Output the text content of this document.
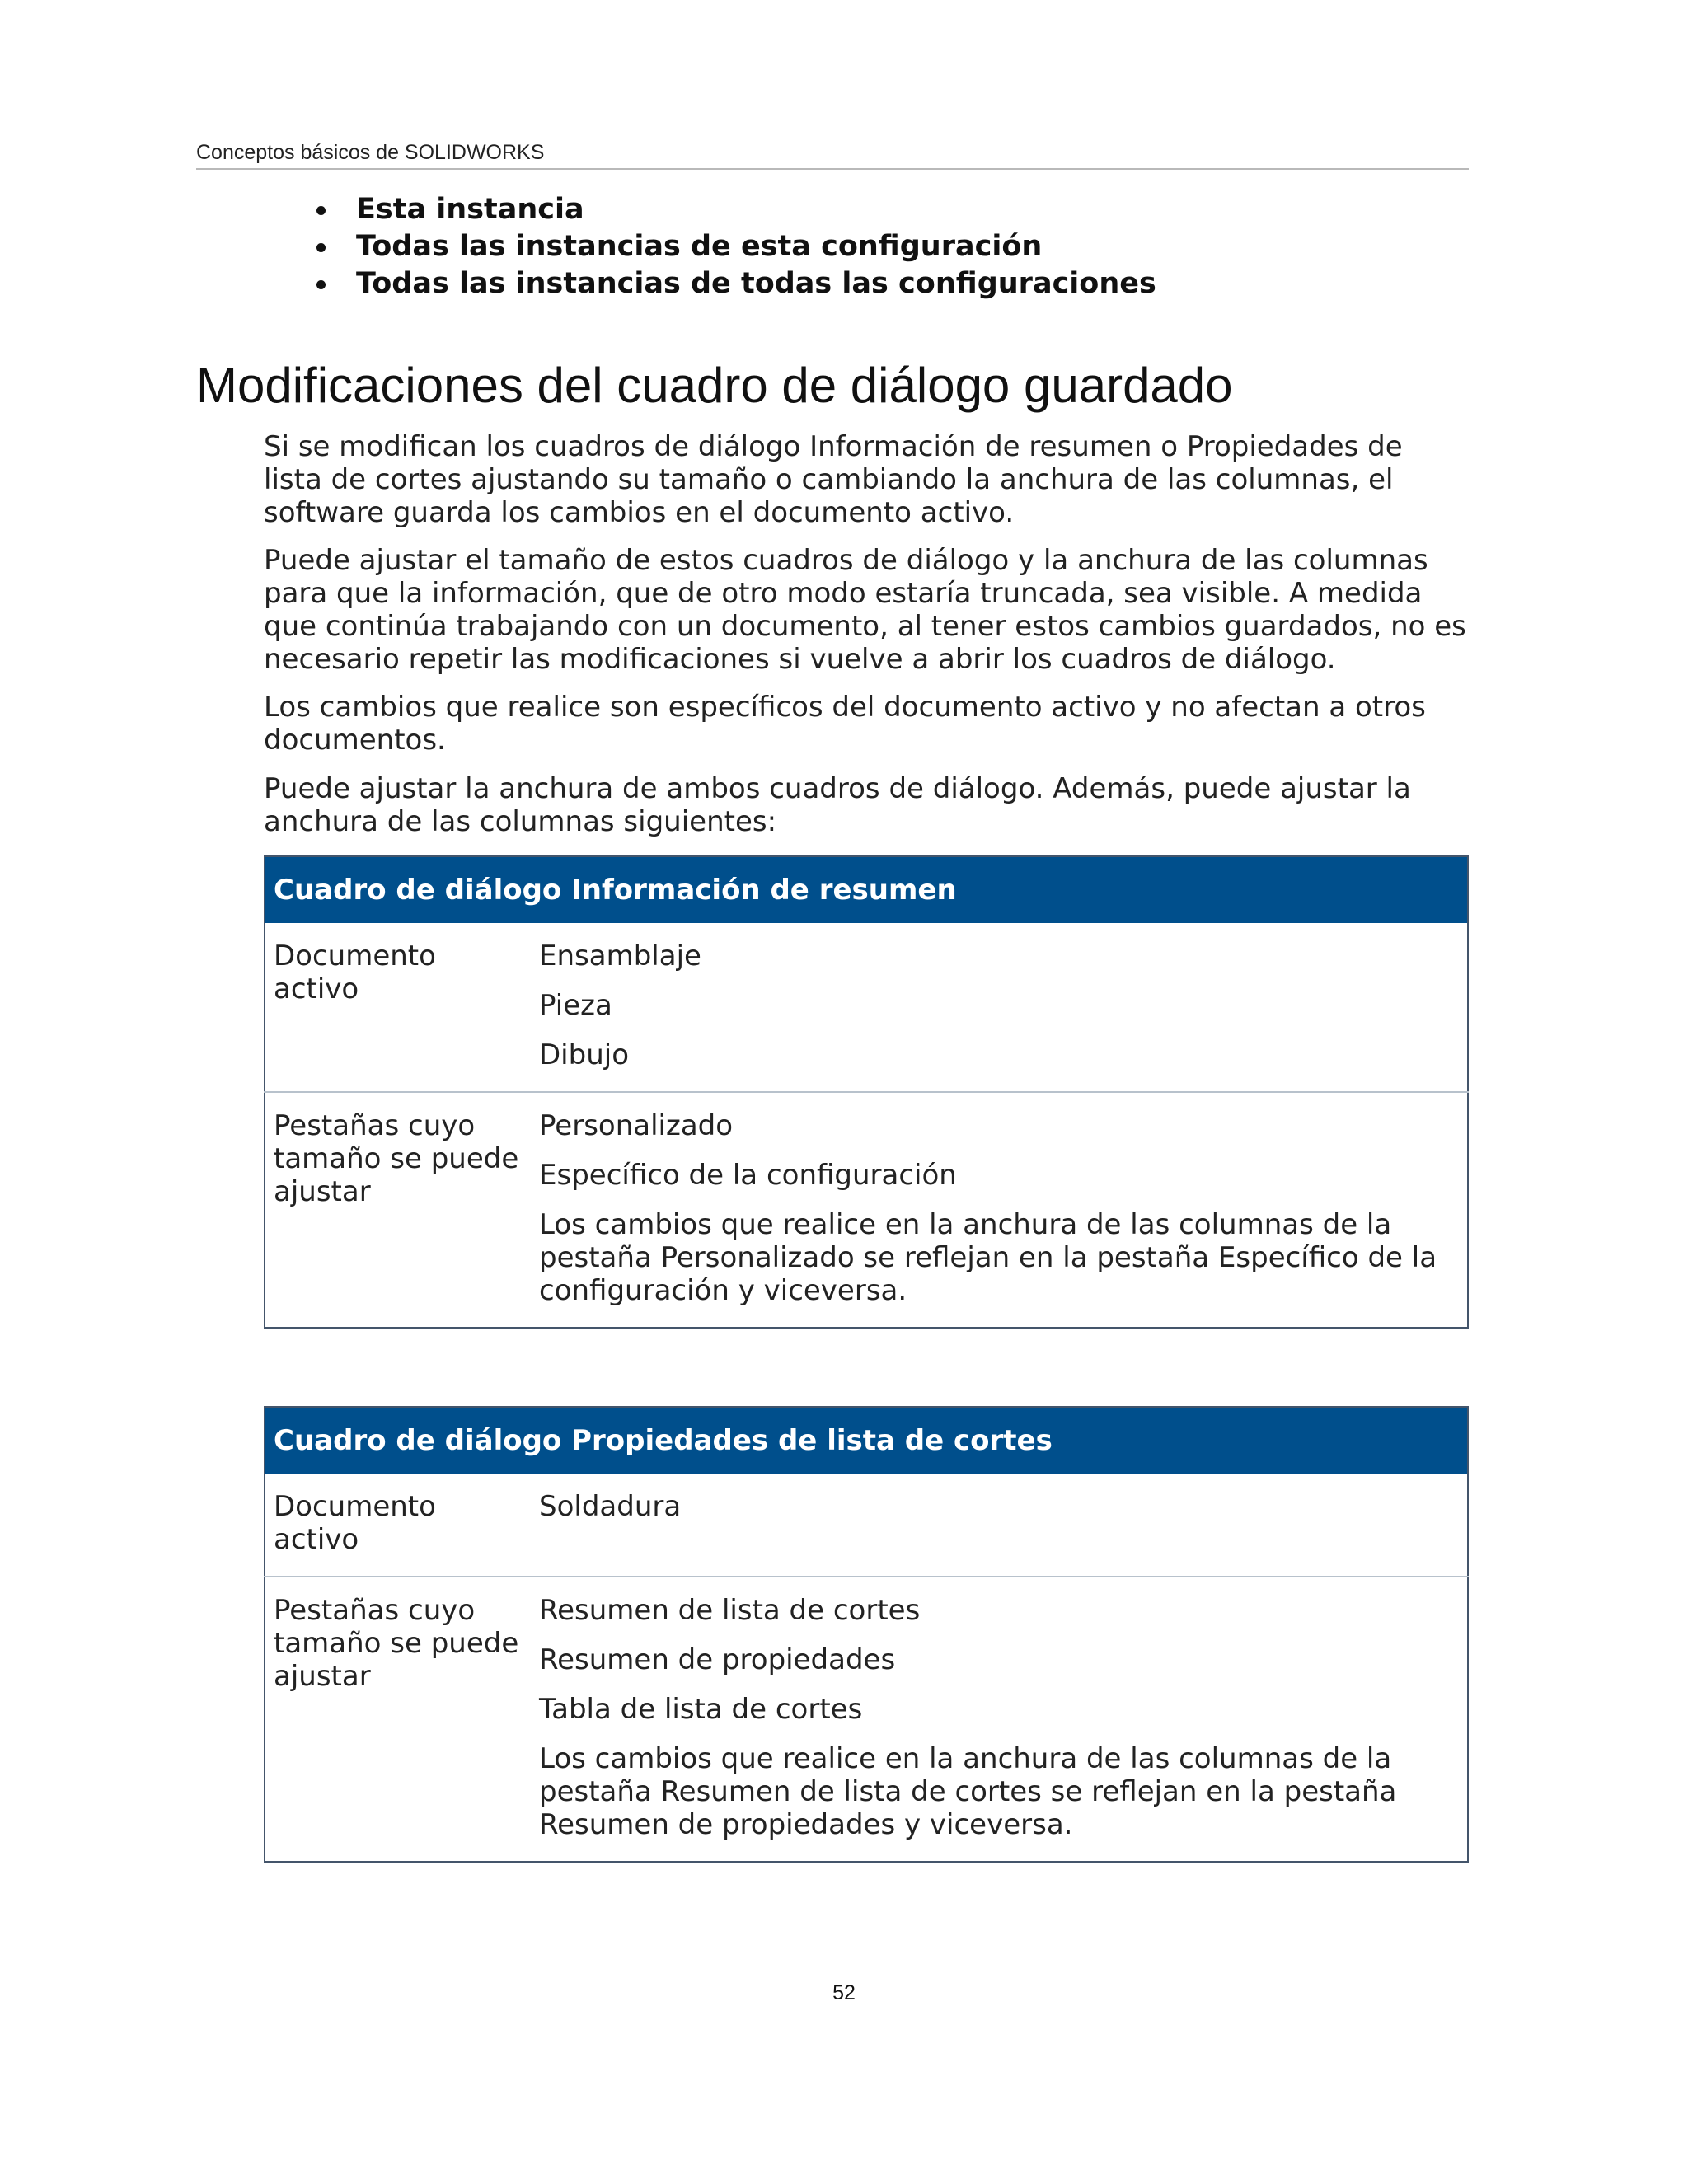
Conceptos básicos de SOLIDWORKS
Esta instancia
Todas las instancias de esta configuración
Todas las instancias de todas las configuraciones
Modificaciones del cuadro de diálogo guardado

Si se modifican los cuadros de diálogo Información de resumen o Propiedades de lista de cortes ajustando su tamaño o cambiando la anchura de las columnas, el software guarda los cambios en el documento activo.

Puede ajustar el tamaño de estos cuadros de diálogo y la anchura de las columnas para que la información, que de otro modo estaría truncada, sea visible. A medida que continúa trabajando con un documento, al tener estos cambios guardados, no es necesario repetir las modificaciones si vuelve a abrir los cuadros de diálogo.

Los cambios que realice son específicos del documento activo y no afectan a otros documentos.

Puede ajustar la anchura de ambos cuadros de diálogo. Además, puede ajustar la anchura de las columnas siguientes:

Cuadro de diálogo Información de resumen	
Documento activo	Ensamblaje
Pieza
Dibujo

Pestañas cuyo tamaño se puede ajustar	Personalizado
Específico de la configuración
Los cambios que realice en la anchura de las columnas de la pestaña Personalizado se reflejan en la pestaña Específico de la configuración y viceversa.
Cuadro de diálogo Propiedades de lista de cortes	
Documento activo	Soldadura

Pestañas cuyo tamaño se puede ajustar	Resumen de lista de cortes
Resumen de propiedades
Tabla de lista de cortes
Los cambios que realice en la anchura de las columnas de la pestaña Resumen de lista de cortes se reflejan en la pestaña Resumen de propiedades y viceversa.
52
